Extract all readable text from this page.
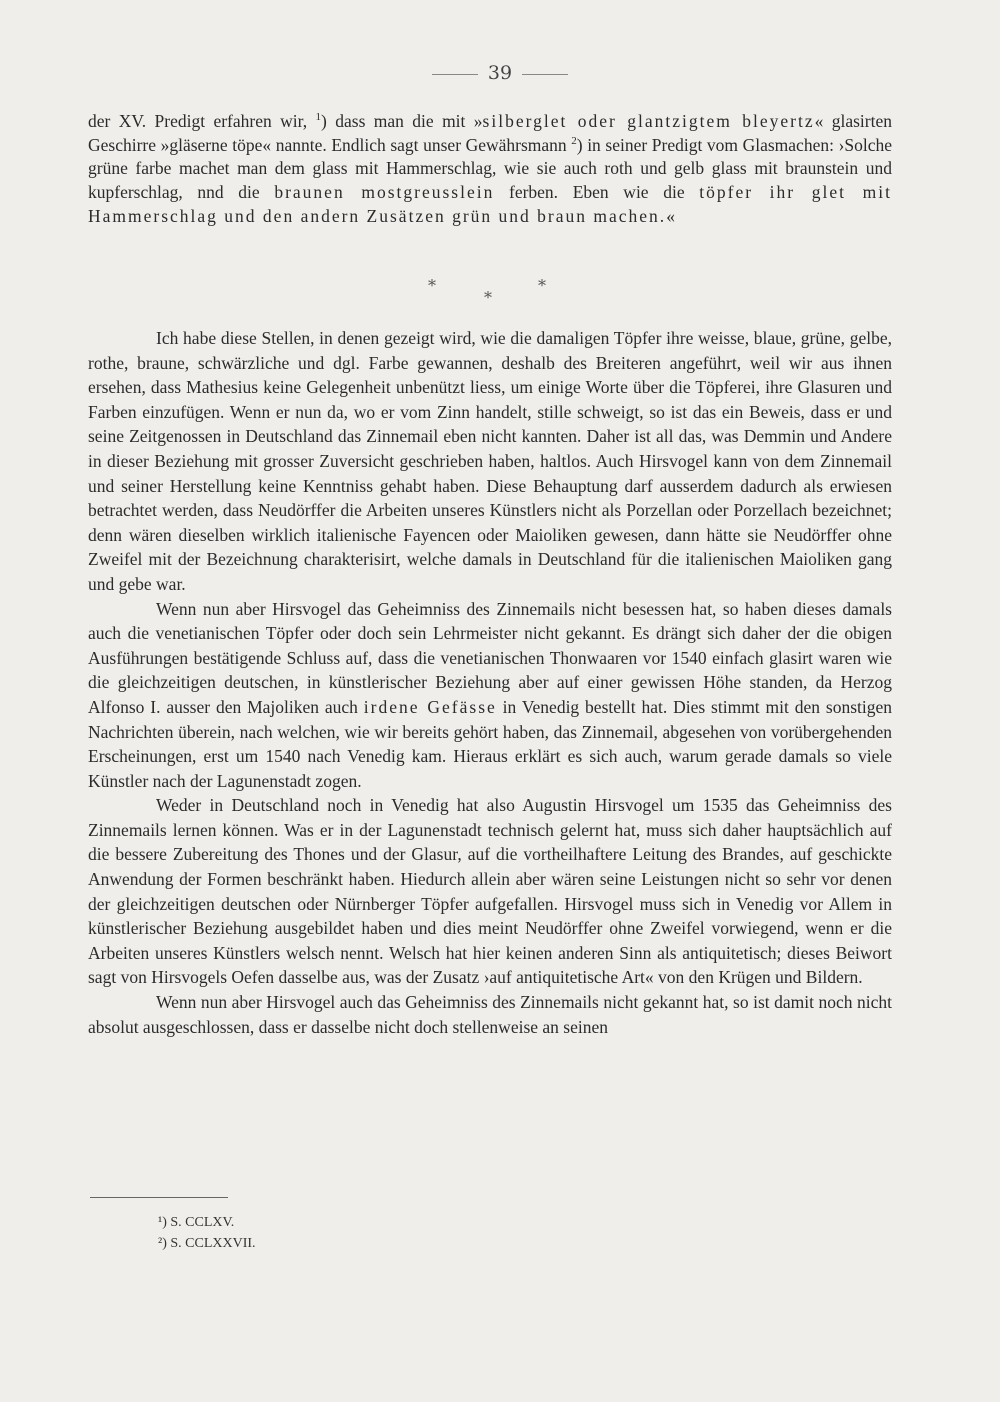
39

der XV. Predigt erfahren wir, $^1$) dass man die mit »silberglet oder glantzigtem bleyertz« glasirten Geschirre »gläserne töpe« nannte. Endlich sagt unser Gewährsmann $^2$) in seiner Predigt vom Glasmachen: ›Solche grüne farbe machet man dem glass mit Hammerschlag, wie sie auch roth und gelb glass mit braunstein und kupferschlag, nnd die braunen mostgreusslein ferben. Eben wie die töpfer ihr glet mit Hammerschlag und den andern Zusätzen grün und braun machen.«

*
*
*

Ich habe diese Stellen, in denen gezeigt wird, wie die damaligen Töpfer ihre weisse, blaue, grüne, gelbe, rothe, braune, schwärzliche und dgl. Farbe gewannen, deshalb des Breiteren angeführt, weil wir aus ihnen ersehen, dass Mathesius keine Gelegenheit unbenützt liess, um einige Worte über die Töpferei, ihre Glasuren und Farben einzufügen. Wenn er nun da, wo er vom Zinn handelt, stille schweigt, so ist das ein Beweis, dass er und seine Zeitgenossen in Deutschland das Zinnemail eben nicht kannten. Daher ist all das, was Demmin und Andere in dieser Beziehung mit grosser Zuversicht geschrieben haben, haltlos. Auch Hirsvogel kann von dem Zinnemail und seiner Herstellung keine Kenntniss gehabt haben. Diese Behauptung darf ausserdem dadurch als erwiesen betrachtet werden, dass Neudörffer die Arbeiten unseres Künstlers nicht als Porzellan oder Porzellach bezeichnet; denn wären dieselben wirklich italienische Fayencen oder Maioliken gewesen, dann hätte sie Neudörffer ohne Zweifel mit der Bezeichnung charakterisirt, welche damals in Deutschland für die italienischen Maioliken gang und gebe war.

Wenn nun aber Hirsvogel das Geheimniss des Zinnemails nicht besessen hat, so haben dieses damals auch die venetianischen Töpfer oder doch sein Lehrmeister nicht gekannt. Es drängt sich daher der die obigen Ausführungen bestätigende Schluss auf, dass die venetianischen Thonwaaren vor 1540 einfach glasirt waren wie die gleichzeitigen deutschen, in künstlerischer Beziehung aber auf einer gewissen Höhe standen, da Herzog Alfonso I. ausser den Majoliken auch irdene Gefässe in Venedig bestellt hat. Dies stimmt mit den sonstigen Nachrichten überein, nach welchen, wie wir bereits gehört haben, das Zinnemail, abgesehen von vorübergehenden Erscheinungen, erst um 1540 nach Venedig kam. Hieraus erklärt es sich auch, warum gerade damals so viele Künstler nach der Lagunenstadt zogen.

Weder in Deutschland noch in Venedig hat also Augustin Hirsvogel um 1535 das Geheimniss des Zinnemails lernen können. Was er in der Lagunenstadt technisch gelernt hat, muss sich daher hauptsächlich auf die bessere Zubereitung des Thones und der Glasur, auf die vortheilhaftere Leitung des Brandes, auf geschickte Anwendung der Formen beschränkt haben. Hiedurch allein aber wären seine Leistungen nicht so sehr vor denen der gleichzeitigen deutschen oder Nürnberger Töpfer aufgefallen. Hirsvogel muss sich in Venedig vor Allem in künstlerischer Beziehung ausgebildet haben und dies meint Neudörffer ohne Zweifel vorwiegend, wenn er die Arbeiten unseres Künstlers welsch nennt. Welsch hat hier keinen anderen Sinn als antiquitetisch; dieses Beiwort sagt von Hirsvogels Oefen dasselbe aus, was der Zusatz ›auf antiquitetische Art« von den Krügen und Bildern.

Wenn nun aber Hirsvogel auch das Geheimniss des Zinnemails nicht gekannt hat, so ist damit noch nicht absolut ausgeschlossen, dass er dasselbe nicht doch stellenweise an seinen

¹) S. CCLXV.

²) S. CCLXXVII.
